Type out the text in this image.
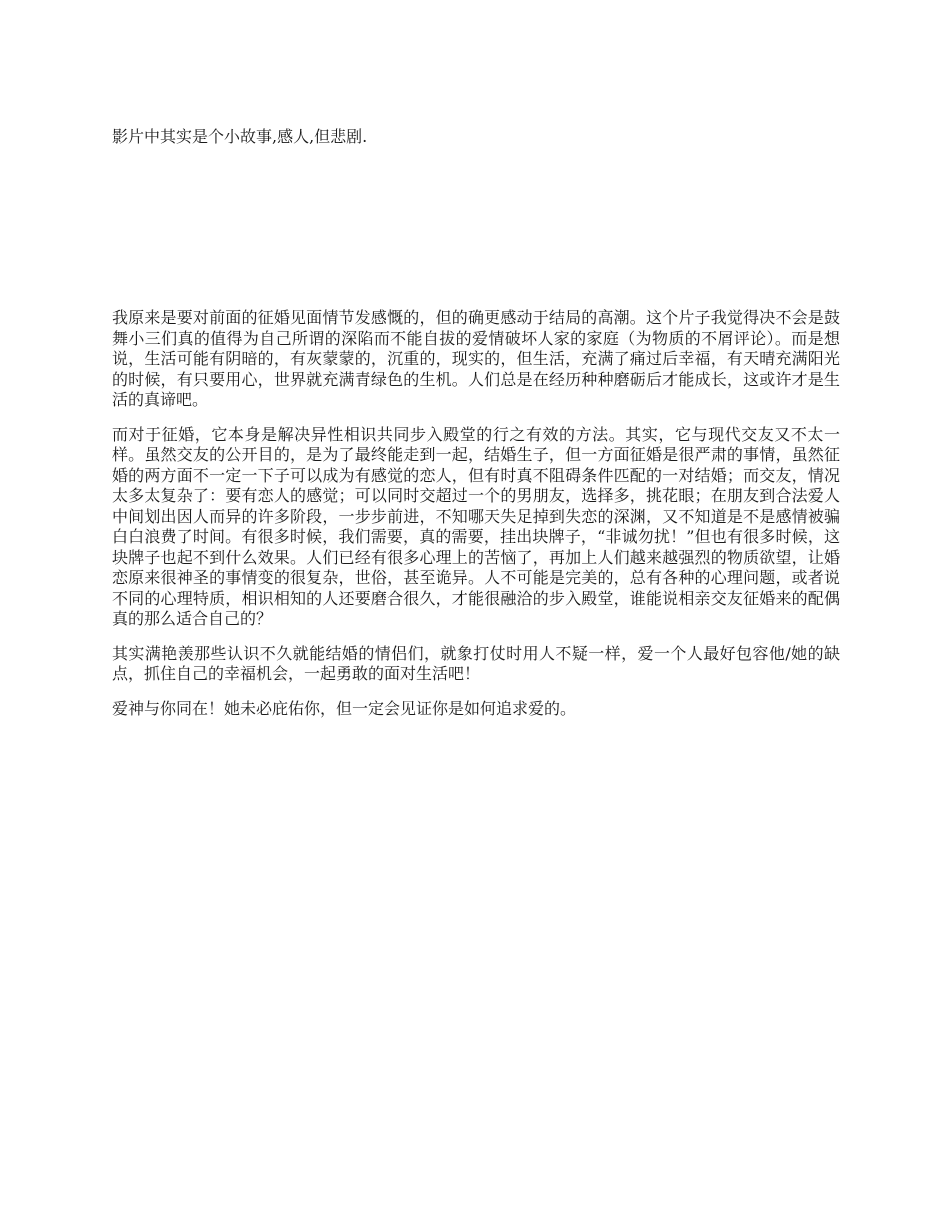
影片中其实是个小故事,感人,但悲剧.

我原来是要对前面的征婚见面情节发感慨的，但的确更感动于结局的高潮。这个片子我觉得决不会是鼓舞小三们真的值得为自己所谓的深陷而不能自拔的爱情破坏人家的家庭（为物质的不屑评论）。而是想说，生活可能有阴暗的，有灰蒙蒙的，沉重的，现实的，但生活，充满了痛过后幸福，有天晴充满阳光的时候，有只要用心，世界就充满青绿色的生机。人们总是在经历种种磨砺后才能成长，这或许才是生活的真谛吧。

而对于征婚，它本身是解决异性相识共同步入殿堂的行之有效的方法。其实，它与现代交友又不太一样。虽然交友的公开目的，是为了最终能走到一起，结婚生子，但一方面征婚是很严肃的事情，虽然征婚的两方面不一定一下子可以成为有感觉的恋人，但有时真不阻碍条件匹配的一对结婚；而交友，情况太多太复杂了：要有恋人的感觉；可以同时交超过一个的男朋友，选择多，挑花眼；在朋友到合法爱人中间划出因人而异的许多阶段，一步步前进，不知哪天失足掉到失恋的深渊，又不知道是不是感情被骗白白浪费了时间。有很多时候，我们需要，真的需要，挂出块牌子，“非诚勿扰！”但也有很多时候，这块牌子也起不到什么效果。人们已经有很多心理上的苦恼了，再加上人们越来越强烈的物质欲望，让婚恋原来很神圣的事情变的很复杂，世俗，甚至诡异。人不可能是完美的，总有各种的心理问题，或者说不同的心理特质，相识相知的人还要磨合很久，才能很融洽的步入殿堂，谁能说相亲交友征婚来的配偶真的那么适合自己的？

其实满艳羡那些认识不久就能结婚的情侣们，就象打仗时用人不疑一样，爱一个人最好包容他/她的缺点，抓住自己的幸福机会，一起勇敢的面对生活吧！

爱神与你同在！她未必庇佑你，但一定会见证你是如何追求爱的。
